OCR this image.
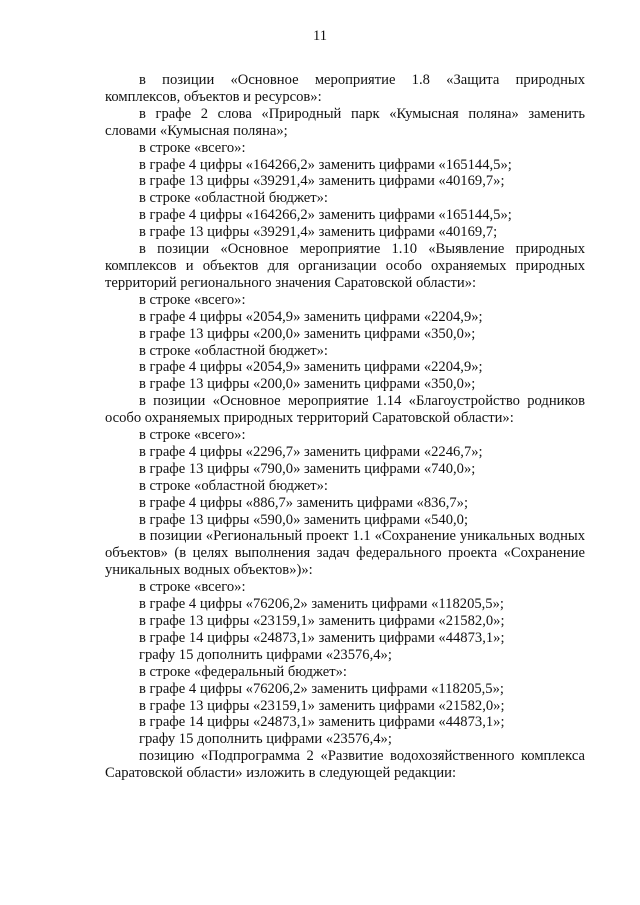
11

в позиции «Основное мероприятие 1.8 «Защита природных комплексов, объектов и ресурсов»:

в графе 2 слова «Природный парк «Кумысная поляна» заменить словами «Кумысная поляна»;

в строке «всего»:

в графе 4 цифры «164266,2» заменить цифрами «165144,5»;

в графе 13 цифры «39291,4» заменить цифрами «40169,7»;

в строке «областной бюджет»:

в графе 4 цифры «164266,2» заменить цифрами «165144,5»;

в графе 13 цифры «39291,4» заменить цифрами «40169,7;

в позиции «Основное мероприятие 1.10 «Выявление природных комплексов и объектов для организации особо охраняемых природных территорий регионального значения Саратовской области»:

в строке «всего»:

в графе 4 цифры «2054,9» заменить цифрами «2204,9»;

в графе 13 цифры «200,0» заменить цифрами «350,0»;

в строке «областной бюджет»:

в графе 4 цифры «2054,9» заменить цифрами «2204,9»;

в графе 13 цифры «200,0» заменить цифрами «350,0»;

в позиции «Основное мероприятие 1.14 «Благоустройство родников особо охраняемых природных территорий Саратовской области»:

в строке «всего»:

в графе 4 цифры «2296,7» заменить цифрами «2246,7»;

в графе 13 цифры «790,0» заменить цифрами «740,0»;

в строке «областной бюджет»:

в графе 4 цифры «886,7» заменить цифрами «836,7»;

в графе 13 цифры «590,0» заменить цифрами «540,0;

в позиции «Региональный проект 1.1 «Сохранение уникальных водных объектов» (в целях выполнения задач федерального проекта «Сохранение уникальных водных объектов»)»:

в строке «всего»:

в графе 4 цифры «76206,2» заменить цифрами «118205,5»;

в графе 13 цифры «23159,1» заменить цифрами «21582,0»;

в графе 14 цифры «24873,1» заменить цифрами «44873,1»;

графу 15 дополнить цифрами «23576,4»;

в строке «федеральный бюджет»:

в графе 4 цифры «76206,2» заменить цифрами «118205,5»;

в графе 13 цифры «23159,1» заменить цифрами «21582,0»;

в графе 14 цифры «24873,1» заменить цифрами «44873,1»;

графу 15 дополнить цифрами «23576,4»;

позицию «Подпрограмма 2 «Развитие водохозяйственного комплекса Саратовской области» изложить в следующей редакции:
